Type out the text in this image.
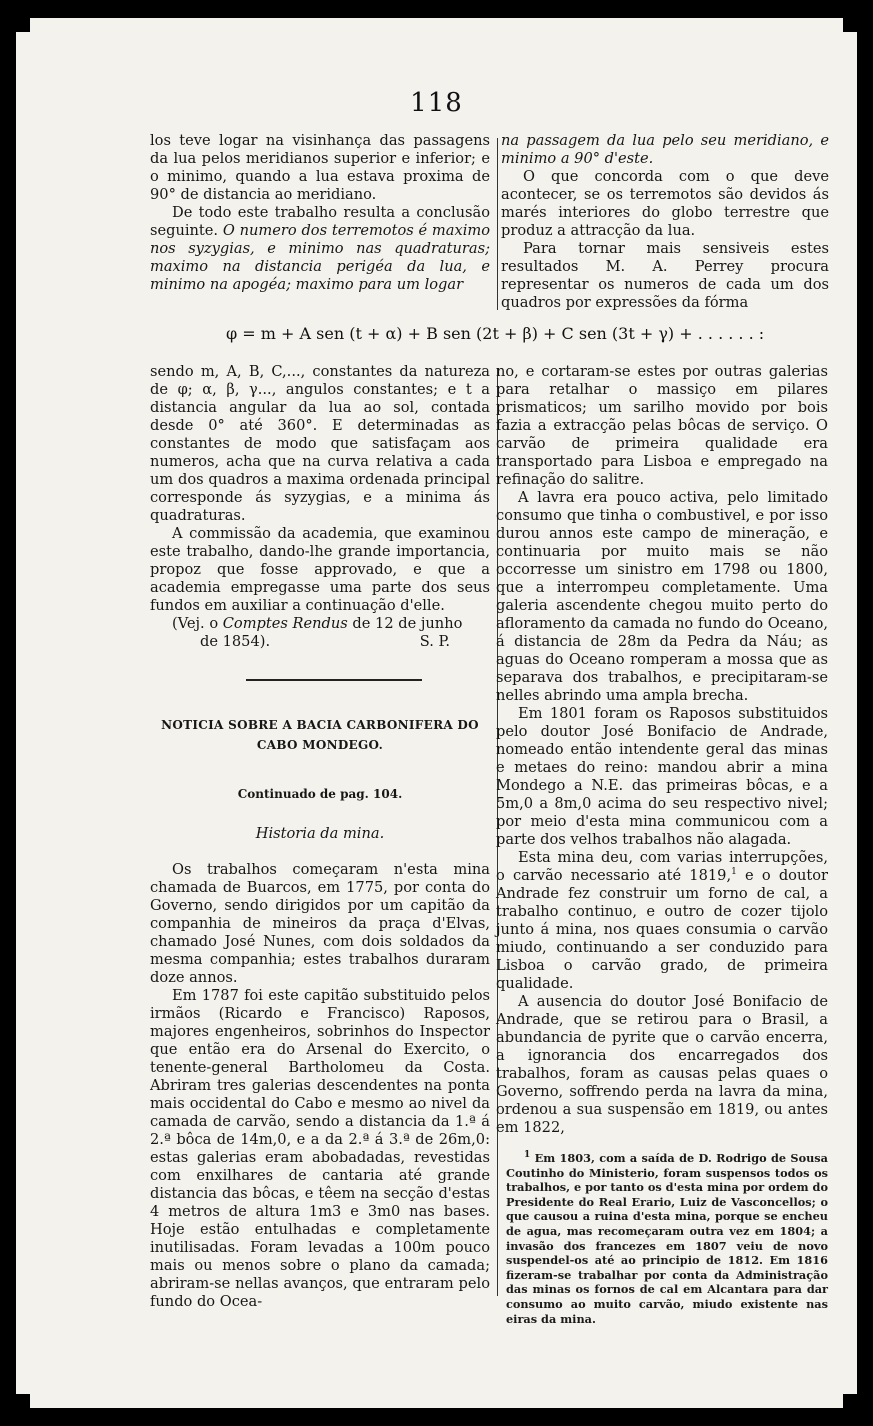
118

los teve logar na visinhança das passagens da lua pelos meridianos superior e inferior; e o minimo, quando a lua estava proxima de 90° de distancia ao meridiano.

De todo este trabalho resulta a conclusão seguinte. O numero dos terremotos é maximo nos syzygias, e minimo nas quadraturas; maximo na distancia perigéa da lua, e minimo na apogéa; maximo para um logar

na passagem da lua pelo seu meridiano, e minimo a 90° d'este.

O que concorda com o que deve acontecer, se os terremotos são devidos ás marés interiores do globo terrestre que produz a attracção da lua.

Para tornar mais sensiveis estes resultados M. A. Perrey procura representar os numeros de cada um dos quadros por expressões da fórma

φ = m + A sen (t + α) + B sen (2t + β) + C sen (3t + γ) + . . . . . . :

sendo m, A, B, C,..., constantes da natureza de φ; α, β, γ..., angulos constantes; e t a distancia angular da lua ao sol, contada desde 0° até 360°. E determinadas as constantes de modo que satisfaçam aos numeros, acha que na curva relativa a cada um dos quadros a maxima ordenada principal corresponde ás syzygias, e a minima ás quadraturas.

A commissão da academia, que examinou este trabalho, dando-lhe grande importancia, propoz que fosse approvado, e que a academia empregasse uma parte dos seus fundos em auxiliar a continuação d'elle.

(Vej. o Comptes Rendus de 12 de junho

de 1854).	S. P.
NOTICIA SOBRE A BACIA CARBONIFERA DO CABO MONDEGO.
Continuado de pag. 104.
Historia da mina.

Os trabalhos começaram n'esta mina chamada de Buarcos, em 1775, por conta do Governo, sendo dirigidos por um capitão da companhia de mineiros da praça d'Elvas, chamado José Nunes, com dois soldados da mesma companhia; estes trabalhos duraram doze annos.

Em 1787 foi este capitão substituido pelos irmãos (Ricardo e Francisco) Raposos, majores engenheiros, sobrinhos do Inspector que então era do Arsenal do Exercito, o tenente-general Bartholomeu da Costa. Abriram tres galerias descendentes na ponta mais occidental do Cabo e mesmo ao nivel da camada de carvão, sendo a distancia da 1.ª á 2.ª bôca de 14m,0, e a da 2.ª á 3.ª de 26m,0: estas galerias eram abobadadas, revestidas com enxilhares de cantaria até grande distancia das bôcas, e têem na secção d'estas 4 metros de altura 1m3 e 3m0 nas bases. Hoje estão entulhadas e completamente inutilisadas. Foram levadas a 100m pouco mais ou menos sobre o plano da camada; abriram-se nellas avanços, que entraram pelo fundo do Ocea-

no, e cortaram-se estes por outras galerias para retalhar o massiço em pilares prismaticos; um sarilho movido por bois fazia a extracção pelas bôcas de serviço. O carvão de primeira qualidade era transportado para Lisboa e empregado na refinação do salitre.

A lavra era pouco activa, pelo limitado consumo que tinha o combustivel, e por isso durou annos este campo de mineração, e continuaria por muito mais se não occorresse um sinistro em 1798 ou 1800, que a interrompeu completamente. Uma galeria ascendente chegou muito perto do afloramento da camada no fundo do Oceano, á distancia de 28m da Pedra da Náu; as aguas do Oceano romperam a mossa que as separava dos trabalhos, e precipitaram-se nelles abrindo uma ampla brecha.

Em 1801 foram os Raposos substituidos pelo doutor José Bonifacio de Andrade, nomeado então intendente geral das minas e metaes do reino: mandou abrir a mina Mondego a N.E. das primeiras bôcas, e a 5m,0 a 8m,0 acima do seu respectivo nivel; por meio d'esta mina communicou com a parte dos velhos trabalhos não alagada.

Esta mina deu, com varias interrupções, o carvão necessario até 1819,$^1$ e o doutor Andrade fez construir um forno de cal, a trabalho continuo, e outro de cozer tijolo junto á mina, nos quaes consumia o carvão miudo, continuando a ser conduzido para Lisboa o carvão grado, de primeira qualidade.

A ausencia do doutor José Bonifacio de Andrade, que se retirou para o Brasil, a abundancia de pyrite que o carvão encerra, a ignorancia dos encarregados dos trabalhos, foram as causas pelas quaes o Governo, soffrendo perda na lavra da mina, ordenou a sua suspensão em 1819, ou antes em 1822,

$^1$ Em 1803, com a saída de D. Rodrigo de Sousa Coutinho do Ministerio, foram suspensos todos os trabalhos, e por tanto os d'esta mina por ordem do Presidente do Real Erario, Luiz de Vasconcellos; o que causou a ruina d'esta mina, porque se encheu de agua, mas recomeçaram outra vez em 1804; a invasão dos francezes em 1807 veiu de novo suspendel-os até ao principio de 1812. Em 1816 fizeram-se trabalhar por conta da Administração das minas os fornos de cal em Alcantara para dar consumo ao muito carvão, miudo existente nas eiras da mina.
